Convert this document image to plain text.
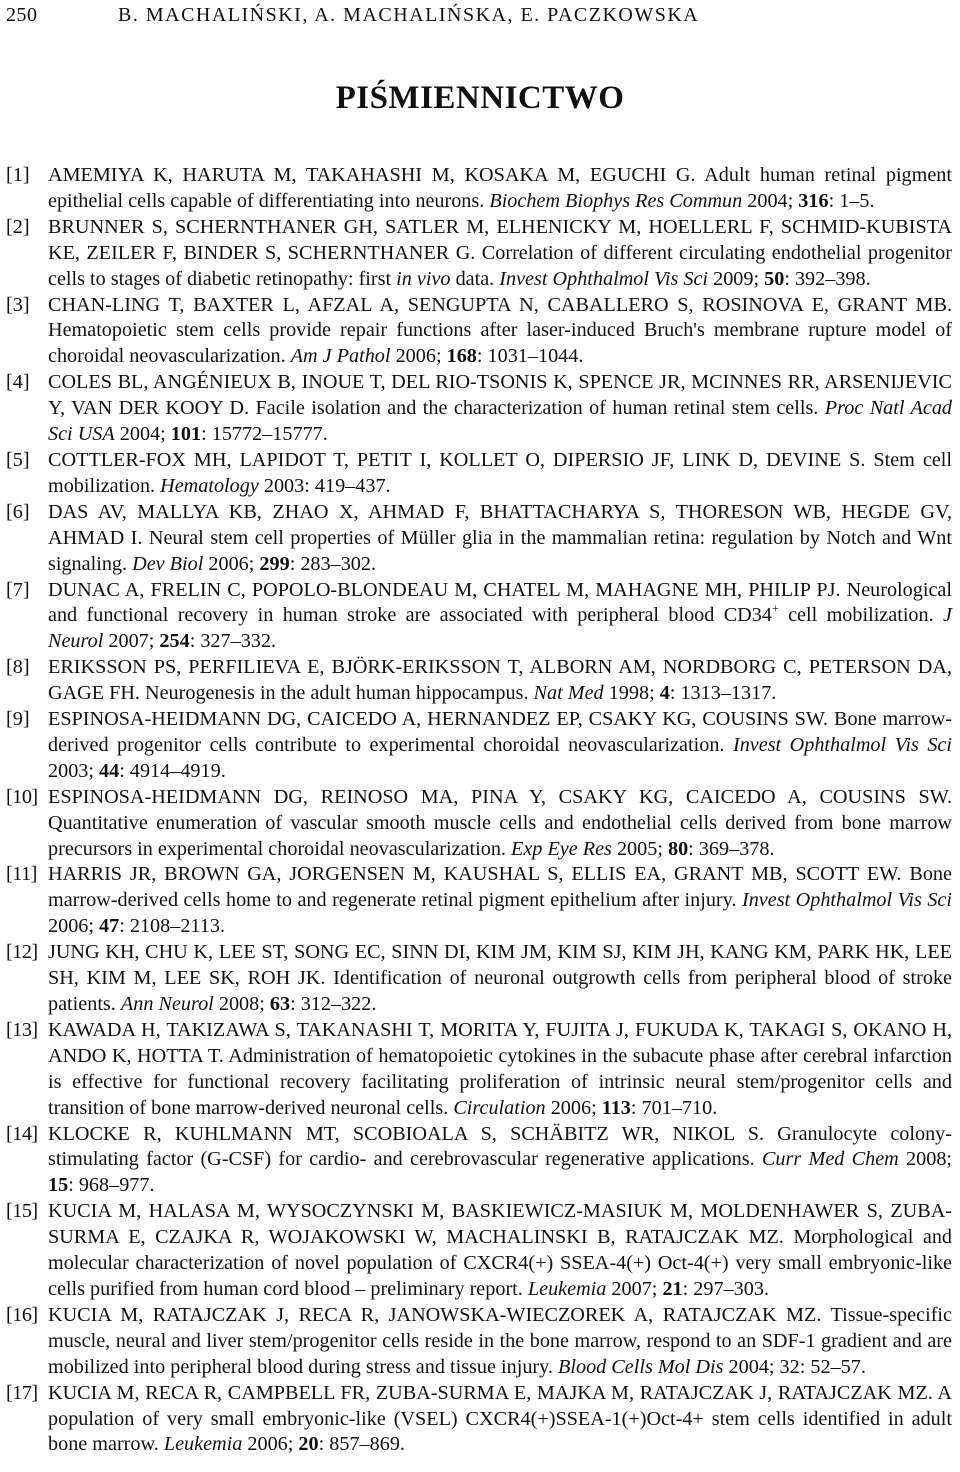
250	B. MACHALIŃSKI, A. MACHALIŃSKA, E. PACZKOWSKA
PIŚMIENNICTWO

[1] AMEMIYA K, HARUTA M, TAKAHASHI M, KOSAKA M, EGUCHI G. Adult human retinal pigment epithelial cells capable of differentiating into neurons. Biochem Biophys Res Commun 2004; 316: 1–5.

[2] BRUNNER S, SCHERNTHANER GH, SATLER M, ELHENICKY M, HOELLERL F, SCHMID-KUBISTA KE, ZEILER F, BINDER S, SCHERNTHANER G. Correlation of different circulating endothelial progenitor cells to stages of diabetic retinopathy: first in vivo data. Invest Ophthalmol Vis Sci 2009; 50: 392–398.

[3] CHAN-LING T, BAXTER L, AFZAL A, SENGUPTA N, CABALLERO S, ROSINOVA E, GRANT MB. Hematopoietic stem cells provide repair functions after laser-induced Bruch's membrane rupture model of choroidal neovascularization. Am J Pathol 2006; 168: 1031–1044.

[4] COLES BL, ANGÉNIEUX B, INOUE T, DEL RIO-TSONIS K, SPENCE JR, MCINNES RR, ARSENIJEVIC Y, VAN DER KOOY D. Facile isolation and the characterization of human retinal stem cells. Proc Natl Acad Sci USA 2004; 101: 15772–15777.

[5] COTTLER-FOX MH, LAPIDOT T, PETIT I, KOLLET O, DIPERSIO JF, LINK D, DEVINE S. Stem cell mobilization. Hematology 2003: 419–437.

[6] DAS AV, MALLYA KB, ZHAO X, AHMAD F, BHATTACHARYA S, THORESON WB, HEGDE GV, AHMAD I. Neural stem cell properties of Müller glia in the mammalian retina: regulation by Notch and Wnt signaling. Dev Biol 2006; 299: 283–302.

[7] DUNAC A, FRELIN C, POPOLO-BLONDEAU M, CHATEL M, MAHAGNE MH, PHILIP PJ. Neurological and functional recovery in human stroke are associated with peripheral blood CD34+ cell mobilization. J Neurol 2007; 254: 327–332.

[8] ERIKSSON PS, PERFILIEVA E, BJÖRK-ERIKSSON T, ALBORN AM, NORDBORG C, PETERSON DA, GAGE FH. Neurogenesis in the adult human hippocampus. Nat Med 1998; 4: 1313–1317.

[9] ESPINOSA-HEIDMANN DG, CAICEDO A, HERNANDEZ EP, CSAKY KG, COUSINS SW. Bone marrow-derived progenitor cells contribute to experimental choroidal neovascularization. Invest Ophthalmol Vis Sci 2003; 44: 4914–4919.

[10] ESPINOSA-HEIDMANN DG, REINOSO MA, PINA Y, CSAKY KG, CAICEDO A, COUSINS SW. Quantitative enumeration of vascular smooth muscle cells and endothelial cells derived from bone marrow precursors in experimental choroidal neovascularization. Exp Eye Res 2005; 80: 369–378.

[11] HARRIS JR, BROWN GA, JORGENSEN M, KAUSHAL S, ELLIS EA, GRANT MB, SCOTT EW. Bone marrow-derived cells home to and regenerate retinal pigment epithelium after injury. Invest Ophthalmol Vis Sci 2006; 47: 2108–2113.

[12] JUNG KH, CHU K, LEE ST, SONG EC, SINN DI, KIM JM, KIM SJ, KIM JH, KANG KM, PARK HK, LEE SH, KIM M, LEE SK, ROH JK. Identification of neuronal outgrowth cells from peripheral blood of stroke patients. Ann Neurol 2008; 63: 312–322.

[13] KAWADA H, TAKIZAWA S, TAKANASHI T, MORITA Y, FUJITA J, FUKUDA K, TAKAGI S, OKANO H, ANDO K, HOTTA T. Administration of hematopoietic cytokines in the subacute phase after cerebral infarction is effective for functional recovery facilitating proliferation of intrinsic neural stem/progenitor cells and transition of bone marrow-derived neuronal cells. Circulation 2006; 113: 701–710.

[14] KLOCKE R, KUHLMANN MT, SCOBIOALA S, SCHÄBITZ WR, NIKOL S. Granulocyte colony-stimulating factor (G-CSF) for cardio- and cerebrovascular regenerative applications. Curr Med Chem 2008; 15: 968–977.

[15] KUCIA M, HALASA M, WYSOCZYNSKI M, BASKIEWICZ-MASIUK M, MOLDENHAWER S, ZUBA-SURMA E, CZAJKA R, WOJAKOWSKI W, MACHALINSKI B, RATAJCZAK MZ. Morphological and molecular characterization of novel population of CXCR4(+) SSEA-4(+) Oct-4(+) very small embryonic-like cells purified from human cord blood – preliminary report. Leukemia 2007; 21: 297–303.

[16] KUCIA M, RATAJCZAK J, RECA R, JANOWSKA-WIECZOREK A, RATAJCZAK MZ. Tissue-specific muscle, neural and liver stem/progenitor cells reside in the bone marrow, respond to an SDF-1 gradient and are mobilized into peripheral blood during stress and tissue injury. Blood Cells Mol Dis 2004; 32: 52–57.

[17] KUCIA M, RECA R, CAMPBELL FR, ZUBA-SURMA E, MAJKA M, RATAJCZAK J, RATAJCZAK MZ. A population of very small embryonic-like (VSEL) CXCR4(+)SSEA-1(+)Oct-4+ stem cells identified in adult bone marrow. Leukemia 2006; 20: 857–869.
